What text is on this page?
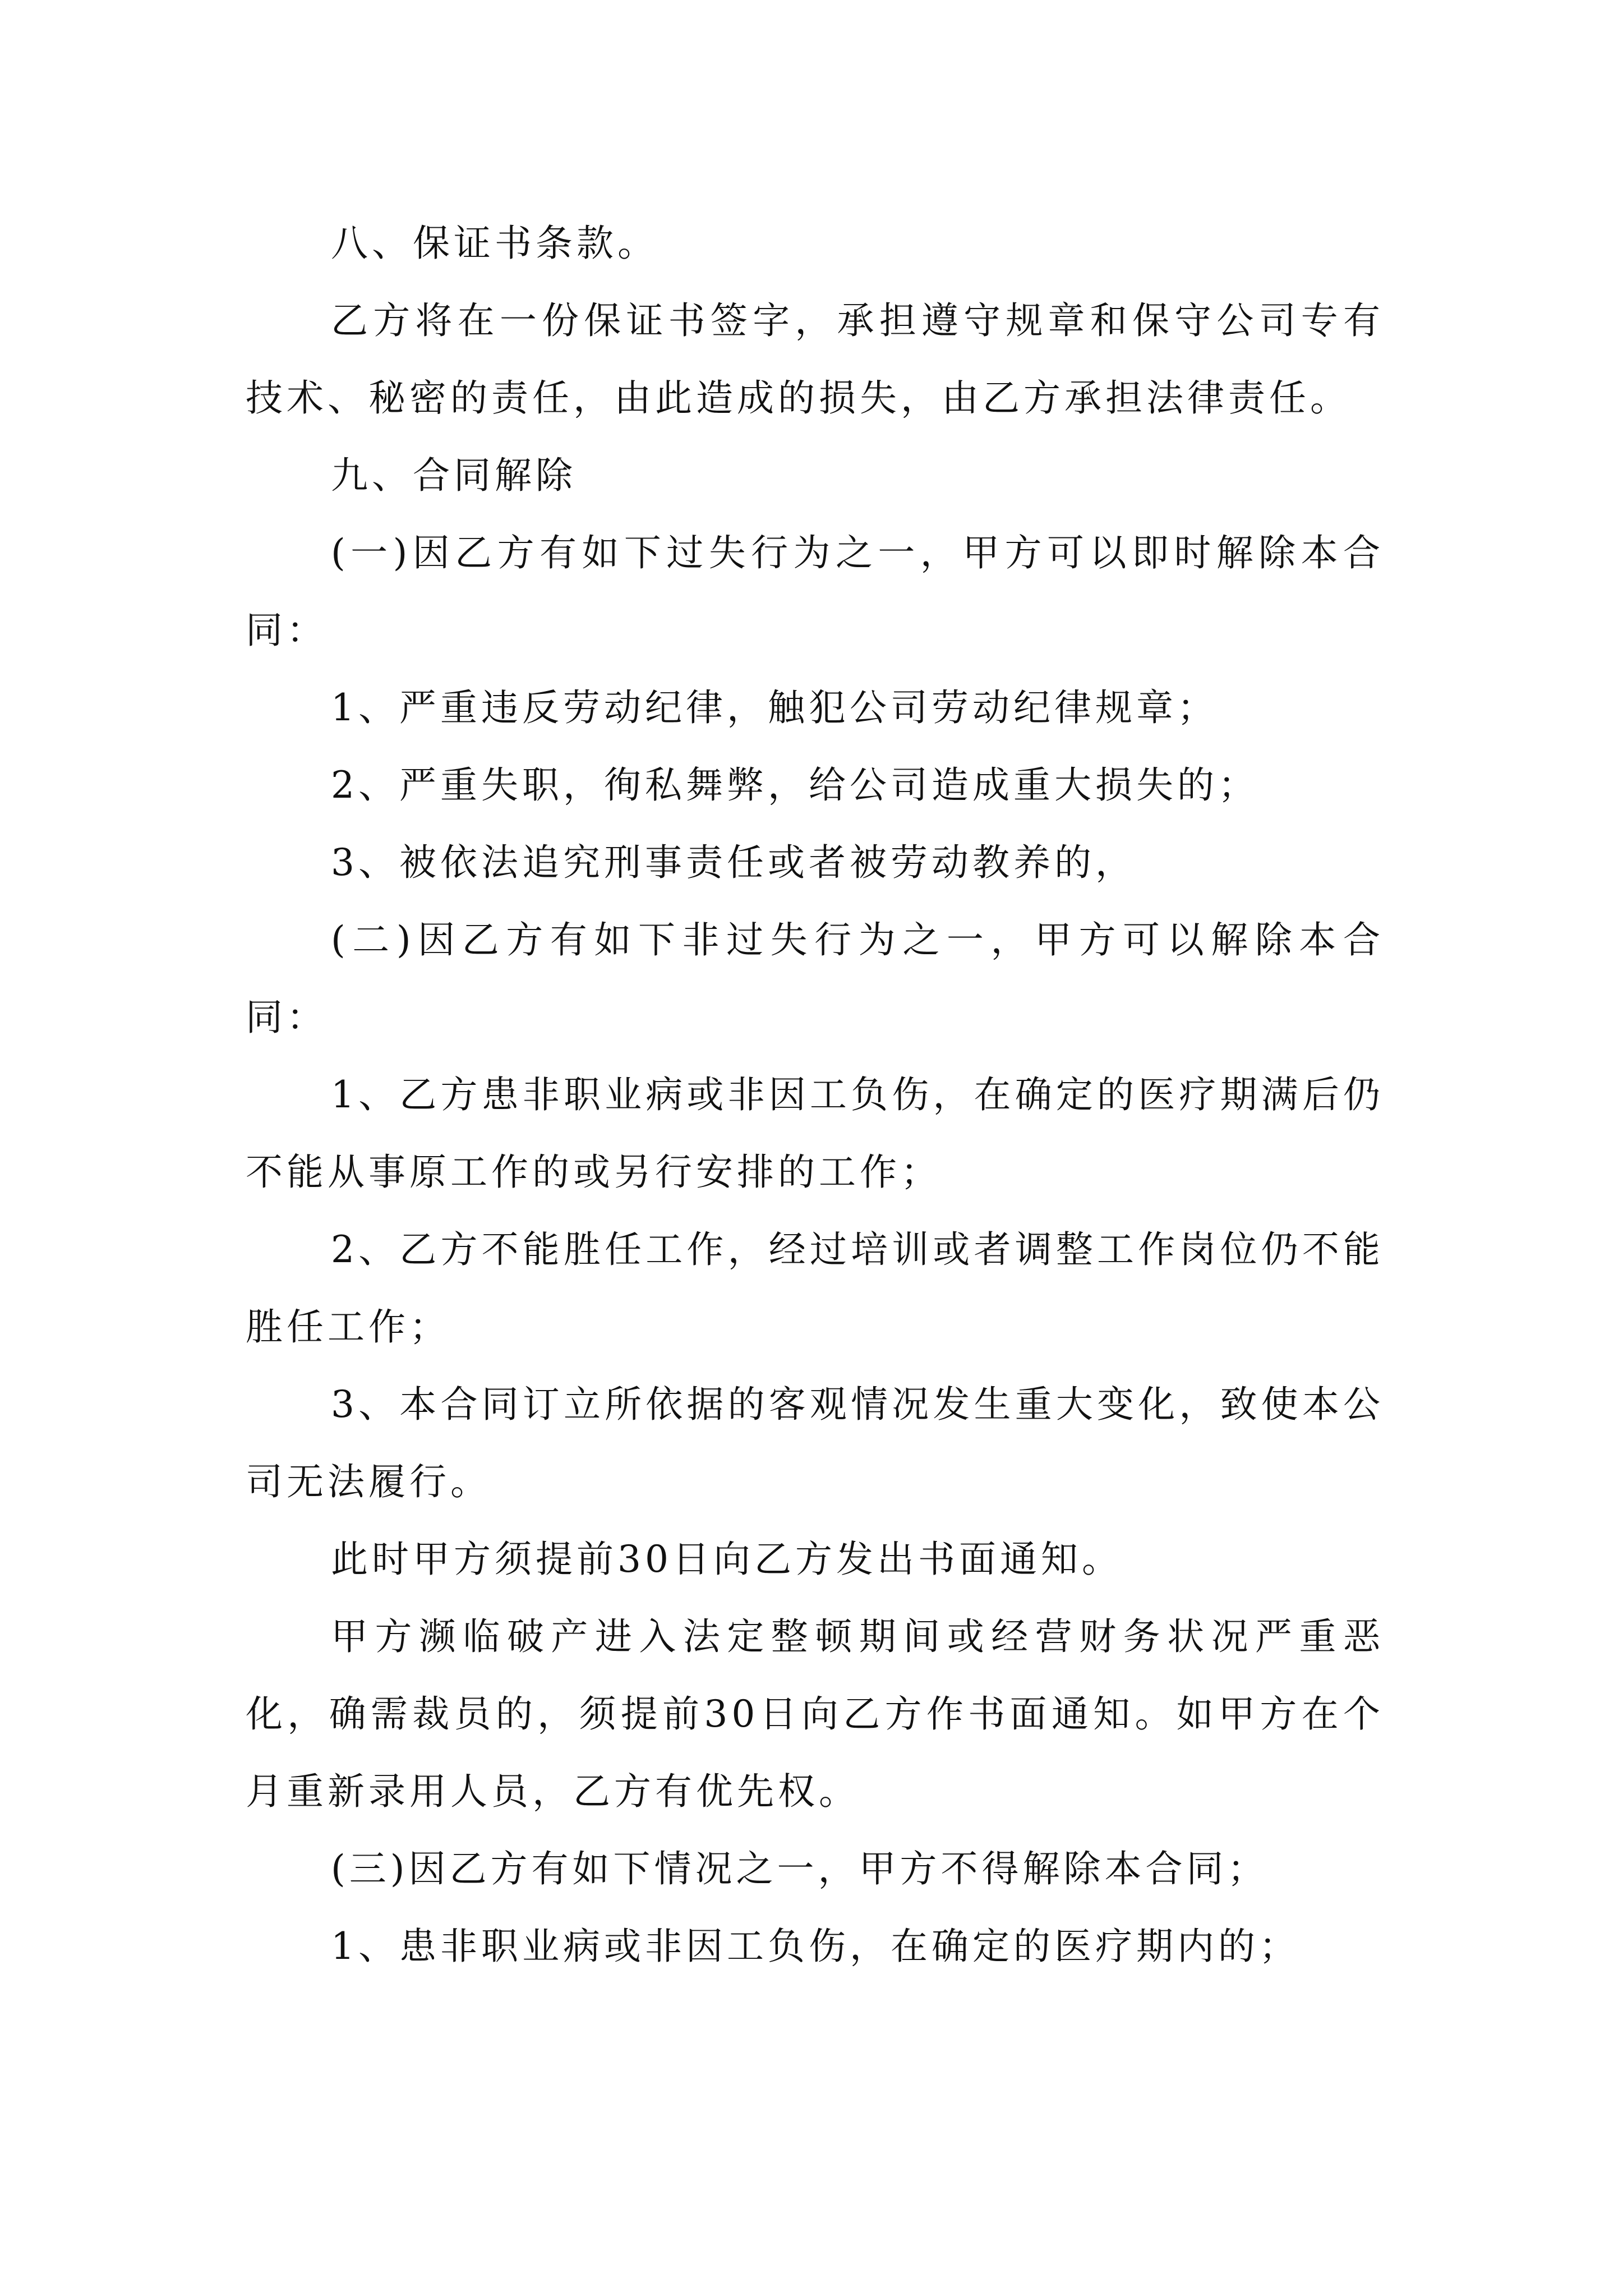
八、保证书条款。

乙方将在一份保证书签字，承担遵守规章和保守公司专有技术、秘密的责任，由此造成的损失，由乙方承担法律责任。

九、合同解除

(一)因乙方有如下过失行为之一，甲方可以即时解除本合同：

1、严重违反劳动纪律，触犯公司劳动纪律规章；

2、严重失职，徇私舞弊，给公司造成重大损失的；

3、被依法追究刑事责任或者被劳动教养的，

(二)因乙方有如下非过失行为之一，甲方可以解除本合同：

1、乙方患非职业病或非因工负伤，在确定的医疗期满后仍不能从事原工作的或另行安排的工作；

2、乙方不能胜任工作，经过培训或者调整工作岗位仍不能胜任工作；

3、本合同订立所依据的客观情况发生重大变化，致使本公司无法履行。

此时甲方须提前30日向乙方发出书面通知。

甲方濒临破产进入法定整顿期间或经营财务状况严重恶化，确需裁员的，须提前30日向乙方作书面通知。如甲方在个月重新录用人员，乙方有优先权。

(三)因乙方有如下情况之一，甲方不得解除本合同；

1、患非职业病或非因工负伤，在确定的医疗期内的；
